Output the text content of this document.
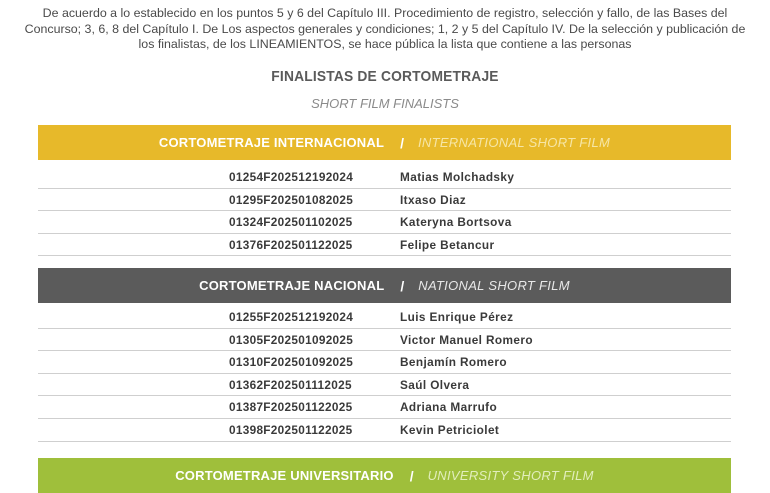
De acuerdo a lo establecido en los puntos 5 y 6 del Capítulo III. Procedimiento de registro, selección y fallo, de las Bases del Concurso; 3, 6, 8 del Capítulo I. De Los aspectos generales y condiciones; 1, 2 y 5 del Capítulo IV. De la selección y publicación de los finalistas, de los LINEAMIENTOS, se hace pública la lista que contiene a las personas
FINALISTAS DE CORTOMETRAJE
SHORT FILM FINALISTS
CORTOMETRAJE INTERNACIONAL / INTERNATIONAL SHORT FILM
01254F202512192024	Matias Molchadsky
01295F202501082025	Itxaso Diaz
01324F202501102025	Kateryna Bortsova
01376F202501122025	Felipe Betancur
CORTOMETRAJE NACIONAL / NATIONAL SHORT FILM
01255F202512192024	Luis Enrique Pérez
01305F202501092025	Victor Manuel Romero
01310F202501092025	Benjamín Romero
01362F202501112025	Saúl Olvera
01387F202501122025	Adriana Marrufo
01398F202501122025	Kevin Petriciolet
CORTOMETRAJE UNIVERSITARIO / UNIVERSITY SHORT FILM
